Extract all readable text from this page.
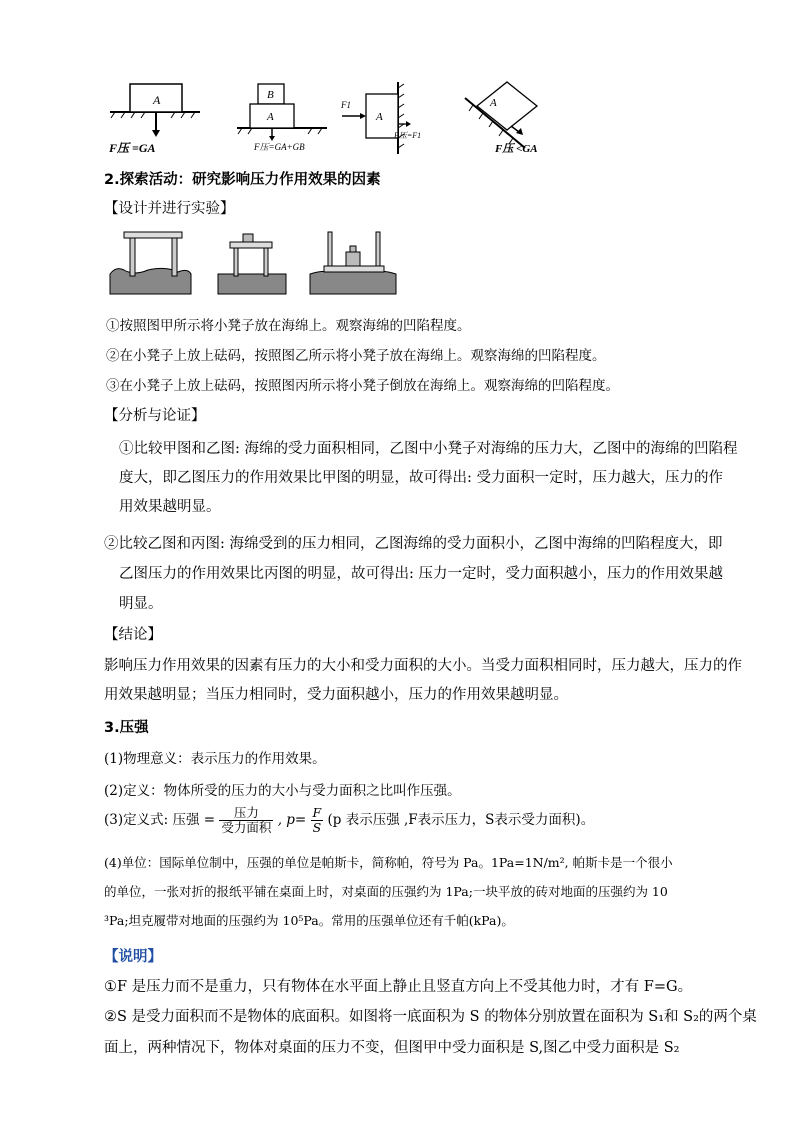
A
F压 =GA
B
A
F压=GA+GB
A
F1
F压=F1
A
F压 <GA
2.探索活动：研究影响压力作用效果的因素
【设计并进行实验】
①按照图甲所示将小凳子放在海绵上。观察海绵的凹陷程度。
②在小凳子上放上砝码，按照图乙所示将小凳子放在海绵上。观察海绵的凹陷程度。
③在小凳子上放上砝码，按照图丙所示将小凳子倒放在海绵上。观察海绵的凹陷程度。
【分析与论证】
①比较甲图和乙图: 海绵的受力面积相同，乙图中小凳子对海绵的压力大，乙图中的海绵的凹陷程
度大，即乙图压力的作用效果比甲图的明显，故可得出: 受力面积一定时，压力越大，压力的作
用效果越明显。
②比较乙图和丙图: 海绵受到的压力相同，乙图海绵的受力面积小，乙图中海绵的凹陷程度大，即
乙图压力的作用效果比丙图的明显，故可得出: 压力一定时，受力面积越小，压力的作用效果越
明显。
【结论】
影响压力作用效果的因素有压力的大小和受力面积的大小。当受力面积相同时，压力越大，压力的作
用效果越明显；当压力相同时，受力面积越小，压力的作用效果越明显。
3.压强
(1)物理意义：表示压力的作用效果。
(2)定义：物体所受的压力的大小与受力面积之比叫作压强。
(3)定义式: 压强 = $\frac{\text{压力}}{\text{受力面积}}$ , $p= \frac{F}{S} (p$ 表示压强 ,F表示压力，S表示受力面积)。
(4)单位：国际单位制中，压强的单位是帕斯卡，简称帕，符号为 Pa。1Pa=1N/m², 帕斯卡是一个很小
的单位，一张对折的报纸平铺在桌面上时，对桌面的压强约为 1Pa;一块平放的砖对地面的压强约为 10
³Pa;坦克履带对地面的压强约为 10⁵Pa。常用的压强单位还有千帕(kPa)。
【说明】
①F 是压力而不是重力，只有物体在水平面上静止且竖直方向上不受其他力时，才有 F=G。
②S 是受力面积而不是物体的底面积。如图将一底面积为 S 的物体分别放置在面积为 S₁和 S₂的两个桌
面上，两种情况下，物体对桌面的压力不变，但图甲中受力面积是 S,图乙中受力面积是 S₂
